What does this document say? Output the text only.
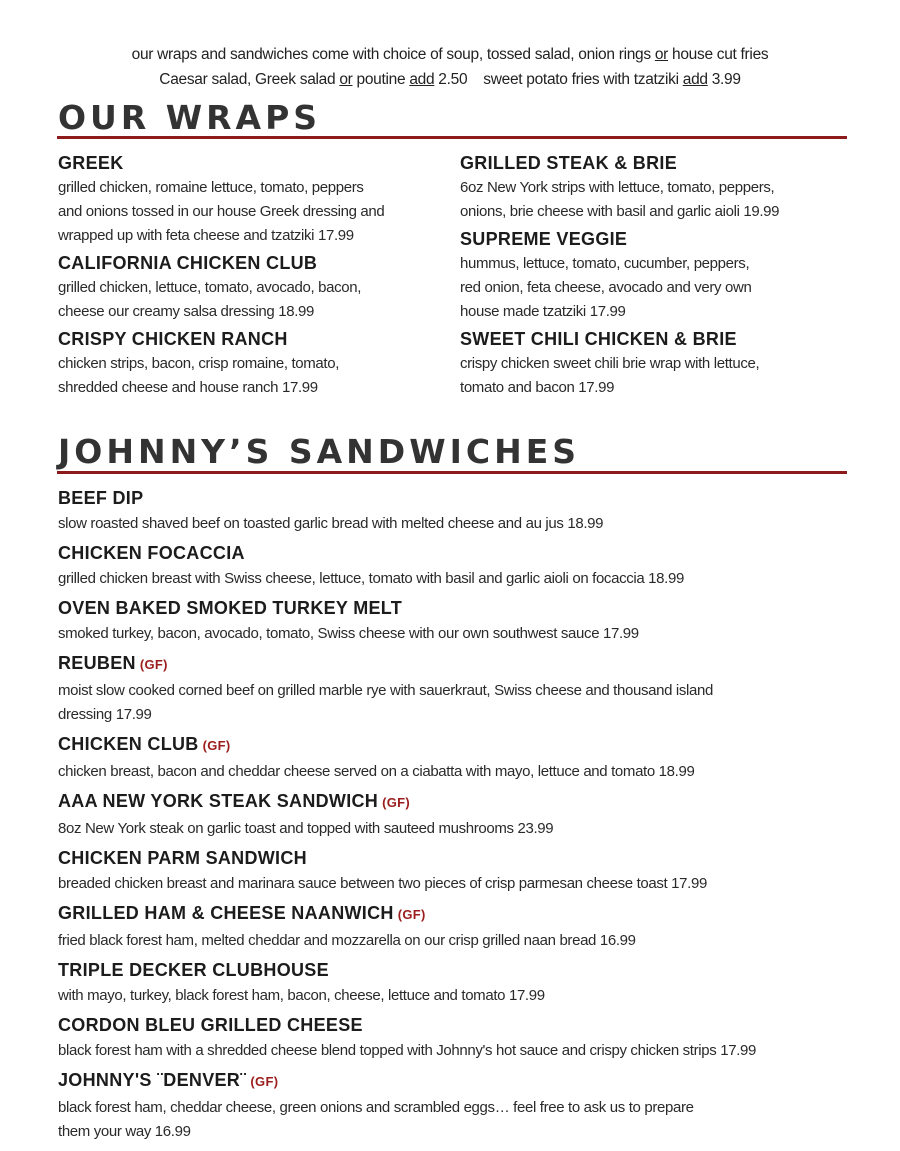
our wraps and sandwiches come with choice of soup, tossed salad, onion rings or house cut fries
Caesar salad, Greek salad or poutine add 2.50 sweet potato fries with tzatziki add 3.99
OUR WRAPS
GREEK
grilled chicken, romaine lettuce, tomato, peppers
and onions tossed in our house Greek dressing and
wrapped up with feta cheese and tzatziki 17.99
CALIFORNIA CHICKEN CLUB
grilled chicken, lettuce, tomato, avocado, bacon,
cheese our creamy salsa dressing 18.99
CRISPY CHICKEN RANCH
chicken strips, bacon, crisp romaine, tomato,
shredded cheese and house ranch 17.99
GRILLED STEAK & BRIE
6oz New York strips with lettuce, tomato, peppers,
onions, brie cheese with basil and garlic aioli 19.99
SUPREME VEGGIE
hummus, lettuce, tomato, cucumber, peppers,
red onion, feta cheese, avocado and very own
house made tzatziki 17.99
SWEET CHILI CHICKEN & BRIE
crispy chicken sweet chili brie wrap with lettuce,
tomato and bacon 17.99
JOHNNY’S SANDWICHES
BEEF DIP
slow roasted shaved beef on toasted garlic bread with melted cheese and au jus 18.99
CHICKEN FOCACCIA
grilled chicken breast with Swiss cheese, lettuce, tomato with basil and garlic aioli on focaccia 18.99
OVEN BAKED SMOKED TURKEY MELT
smoked turkey, bacon, avocado, tomato, Swiss cheese with our own southwest sauce 17.99
REUBEN (GF)
moist slow cooked corned beef on grilled marble rye with sauerkraut, Swiss cheese and thousand island
dressing 17.99
CHICKEN CLUB (GF)
chicken breast, bacon and cheddar cheese served on a ciabatta with mayo, lettuce and tomato 18.99
AAA NEW YORK STEAK SANDWICH (GF)
8oz New York steak on garlic toast and topped with sauteed mushrooms 23.99
CHICKEN PARM SANDWICH
breaded chicken breast and marinara sauce between two pieces of crisp parmesan cheese toast 17.99
GRILLED HAM & CHEESE NAANWICH (GF)
fried black forest ham, melted cheddar and mozzarella on our crisp grilled naan bread 16.99
TRIPLE DECKER CLUBHOUSE
with mayo, turkey, black forest ham, bacon, cheese, lettuce and tomato 17.99
CORDON BLEU GRILLED CHEESE
black forest ham with a shredded cheese blend topped with Johnny's hot sauce and crispy chicken strips 17.99
JOHNNY'S ¨DENVER¨ (GF)
black forest ham, cheddar cheese, green onions and scrambled eggs… feel free to ask us to prepare
them your way 16.99
